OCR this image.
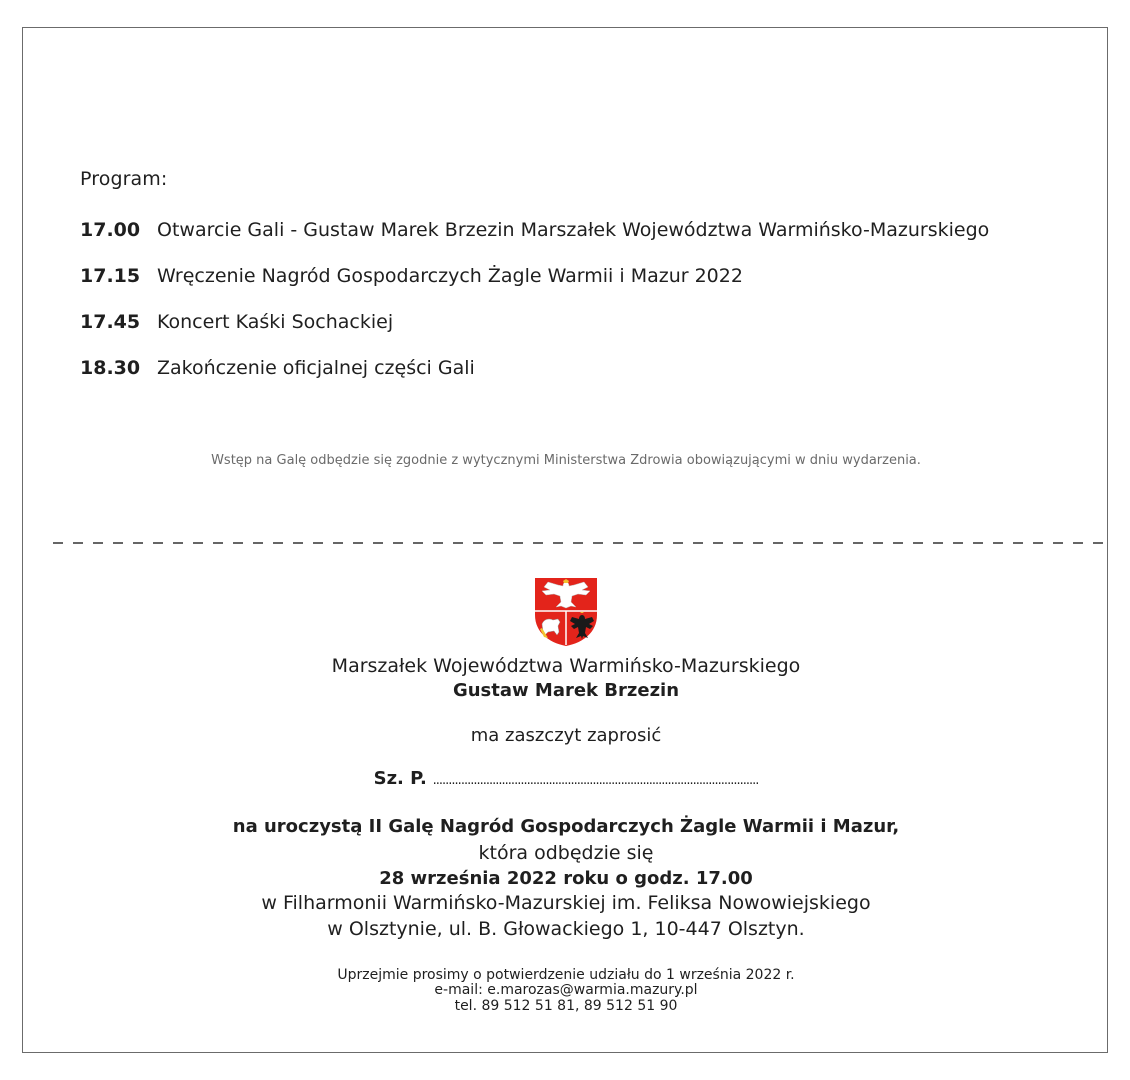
Program:
17.00 Otwarcie Gali - Gustaw Marek Brzezin Marszałek Województwa Warmińsko-Mazurskiego
17.15 Wręczenie Nagród Gospodarczych Żagle Warmii i Mazur 2022
17.45 Koncert Kaśki Sochackiej
18.30 Zakończenie oficjalnej części Gali
Wstęp na Galę odbędzie się zgodnie z wytycznymi Ministerstwa Zdrowia obowiązującymi w dniu wydarzenia.
Marszałek Województwa Warmińsko-Mazurskiego
Gustaw Marek Brzezin
ma zaszczyt zaprosić
Sz. P. ........................................................................................................
na uroczystą II Galę Nagród Gospodarczych Żagle Warmii i Mazur,
która odbędzie się
28 września 2022 roku o godz. 17.00
w Filharmonii Warmińsko-Mazurskiej im. Feliksa Nowowiejskiego
w Olsztynie, ul. B. Głowackiego 1, 10-447 Olsztyn.
Uprzejmie prosimy o potwierdzenie udziału do 1 września 2022 r.
e-mail: e.marozas@warmia.mazury.pl
tel. 89 512 51 81, 89 512 51 90
